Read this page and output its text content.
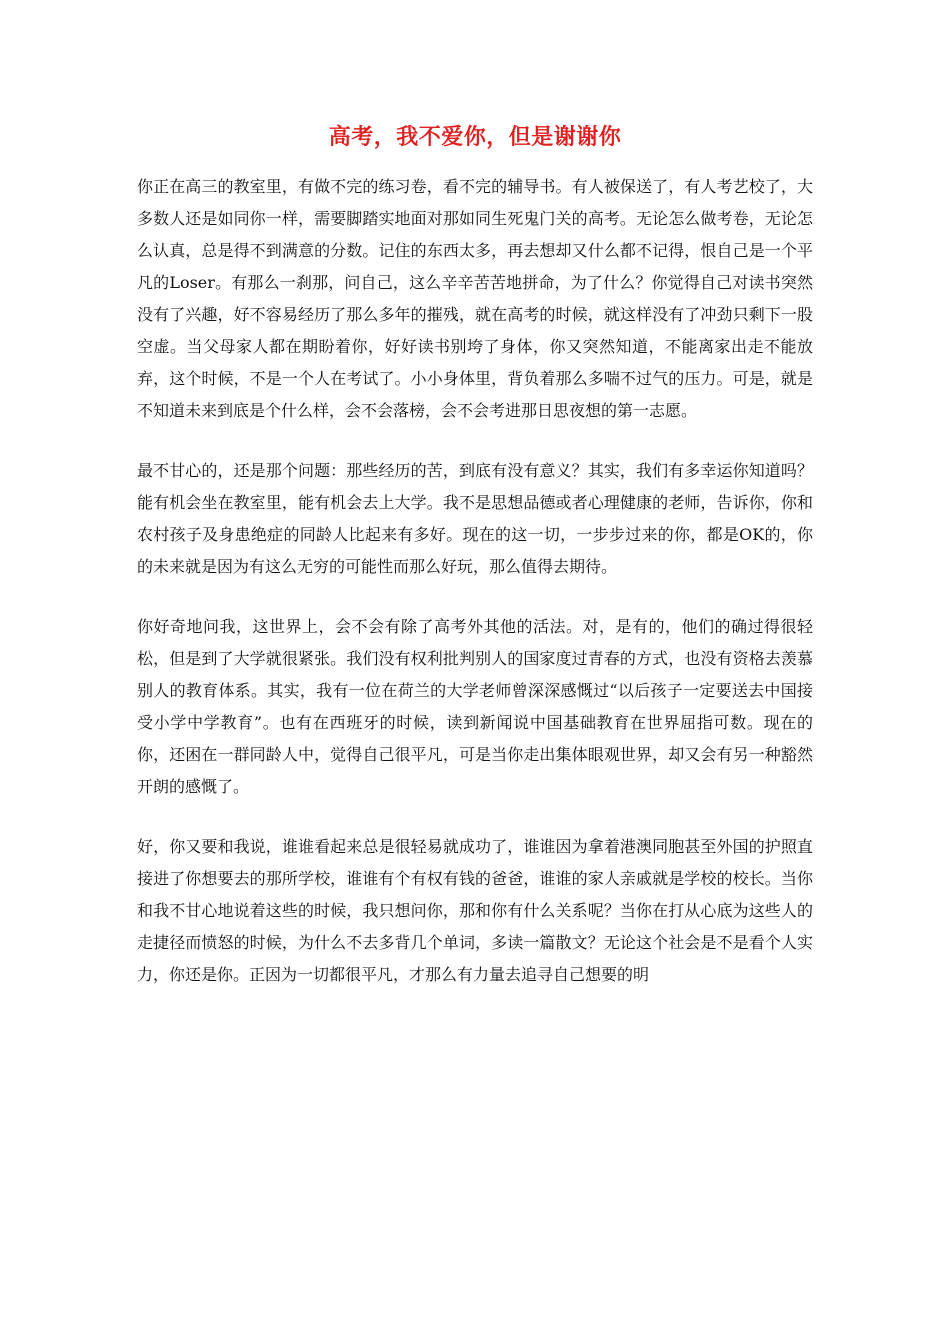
高考，我不爱你，但是谢谢你

你正在高三的教室里，有做不完的练习卷，看不完的辅导书。有人被保送了，有人考艺校了，大多数人还是如同你一样，需要脚踏实地面对那如同生死鬼门关的高考。无论怎么做考卷，无论怎么认真，总是得不到满意的分数。记住的东西太多，再去想却又什么都不记得，恨自己是一个平凡的Loser。有那么一刹那，问自己，这么辛辛苦苦地拼命，为了什么？你觉得自己对读书突然没有了兴趣，好不容易经历了那么多年的摧残，就在高考的时候，就这样没有了冲劲只剩下一股空虚。当父母家人都在期盼着你，好好读书别垮了身体，你又突然知道，不能离家出走不能放弃，这个时候，不是一个人在考试了。小小身体里，背负着那么多喘不过气的压力。可是，就是不知道未来到底是个什么样，会不会落榜，会不会考进那日思夜想的第一志愿。

最不甘心的，还是那个问题：那些经历的苦，到底有没有意义？其实，我们有多幸运你知道吗？能有机会坐在教室里，能有机会去上大学。我不是思想品德或者心理健康的老师，告诉你，你和农村孩子及身患绝症的同龄人比起来有多好。现在的这一切，一步步过来的你，都是OK的，你的未来就是因为有这么无穷的可能性而那么好玩，那么值得去期待。

你好奇地问我，这世界上，会不会有除了高考外其他的活法。对，是有的，他们的确过得很轻松，但是到了大学就很紧张。我们没有权利批判别人的国家度过青春的方式，也没有资格去羡慕别人的教育体系。其实，我有一位在荷兰的大学老师曾深深感慨过“以后孩子一定要送去中国接受小学中学教育”。也有在西班牙的时候，读到新闻说中国基础教育在世界屈指可数。现在的你，还困在一群同龄人中，觉得自己很平凡，可是当你走出集体眼观世界，却又会有另一种豁然开朗的感慨了。

好，你又要和我说，谁谁看起来总是很轻易就成功了，谁谁因为拿着港澳同胞甚至外国的护照直接进了你想要去的那所学校，谁谁有个有权有钱的爸爸，谁谁的家人亲戚就是学校的校长。当你和我不甘心地说着这些的时候，我只想问你，那和你有什么关系呢？当你在打从心底为这些人的走捷径而愤怒的时候，为什么不去多背几个单词，多读一篇散文？无论这个社会是不是看个人实力，你还是你。正因为一切都很平凡，才那么有力量去追寻自己想要的明
